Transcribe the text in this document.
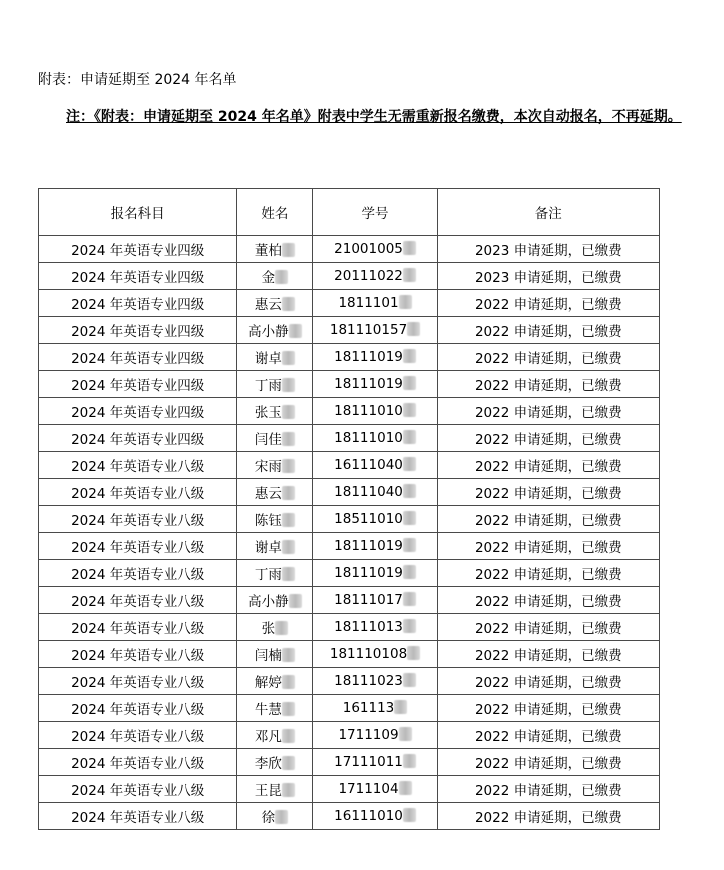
附表：申请延期至 2024 年名单

注：《附表：申请延期至 2024 年名单》附表中学生无需重新报名缴费，本次自动报名，不再延期。

报名科目	姓名	学号	备注
2024 年英语专业四级	董柏	21001005	2023 申请延期，已缴费
2024 年英语专业四级	金	20111022	2023 申请延期，已缴费
2024 年英语专业四级	惠云	1811101	2022 申请延期，已缴费
2024 年英语专业四级	高小静	181110157	2022 申请延期，已缴费
2024 年英语专业四级	谢卓	18111019	2022 申请延期，已缴费
2024 年英语专业四级	丁雨	18111019	2022 申请延期，已缴费
2024 年英语专业四级	张玉	18111010	2022 申请延期，已缴费
2024 年英语专业四级	闫佳	18111010	2022 申请延期，已缴费
2024 年英语专业八级	宋雨	16111040	2022 申请延期，已缴费
2024 年英语专业八级	惠云	18111040	2022 申请延期，已缴费
2024 年英语专业八级	陈钰	18511010	2022 申请延期，已缴费
2024 年英语专业八级	谢卓	18111019	2022 申请延期，已缴费
2024 年英语专业八级	丁雨	18111019	2022 申请延期，已缴费
2024 年英语专业八级	高小静	18111017	2022 申请延期，已缴费
2024 年英语专业八级	张	18111013	2022 申请延期，已缴费
2024 年英语专业八级	闫楠	181110108	2022 申请延期，已缴费
2024 年英语专业八级	解婷	18111023	2022 申请延期，已缴费
2024 年英语专业八级	牛慧	161113	2022 申请延期，已缴费
2024 年英语专业八级	邓凡	1711109	2022 申请延期，已缴费
2024 年英语专业八级	李欣	17111011	2022 申请延期，已缴费
2024 年英语专业八级	王昆	1711104	2022 申请延期，已缴费
2024 年英语专业八级	徐	16111010	2022 申请延期，已缴费
